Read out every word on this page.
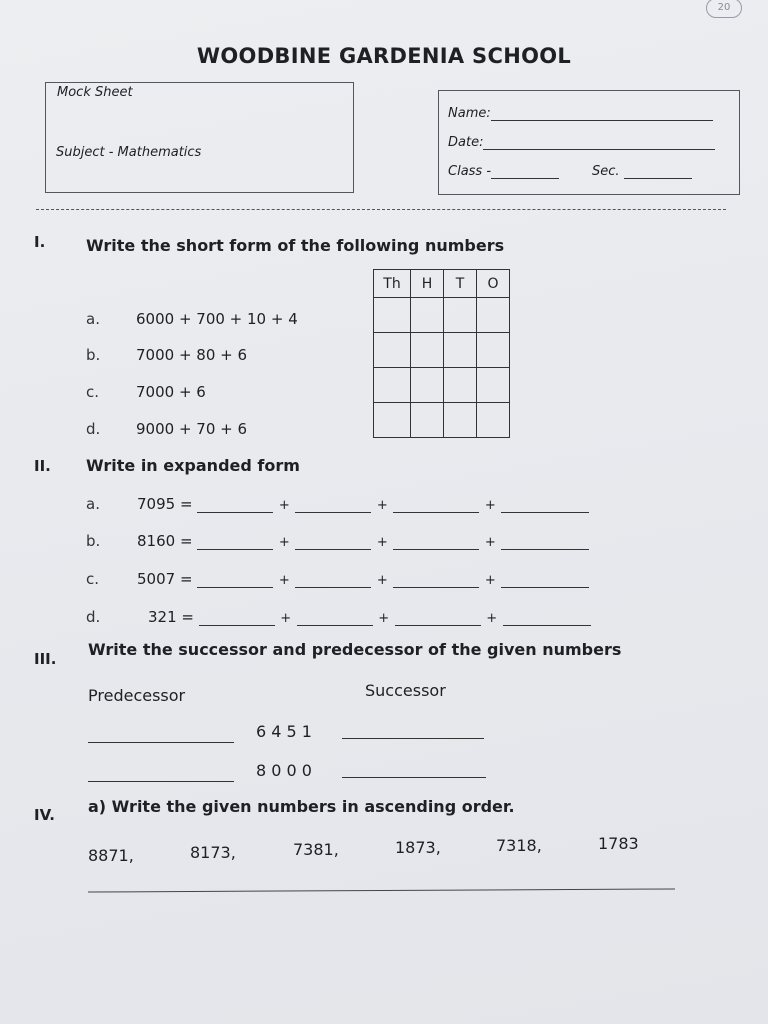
20
WOODBINE GARDENIA SCHOOL
Mock Sheet
Subject - Mathematics
Name:
Date:
Class -	Sec.
I.	Write the short form of the following numbers
Th	H	T	O

a. 6000 + 700 + 10 + 4
b. 7000 + 80 + 6
c. 7000 + 6
d. 9000 + 70 + 6
II. Write in expanded form
a. 7095 =	+	+	+
b. 8160 =	+	+	+
c.	5007 =	+	+	+
d.	321 =	+	+	+
III. Write the successor and predecessor of the given numbers
Predecessor	Successor
6 4 5 1
8 0 0 0
IV. a) Write the given numbers in ascending order.
8871,	8173,	7381,	1873,	7318,	1783
